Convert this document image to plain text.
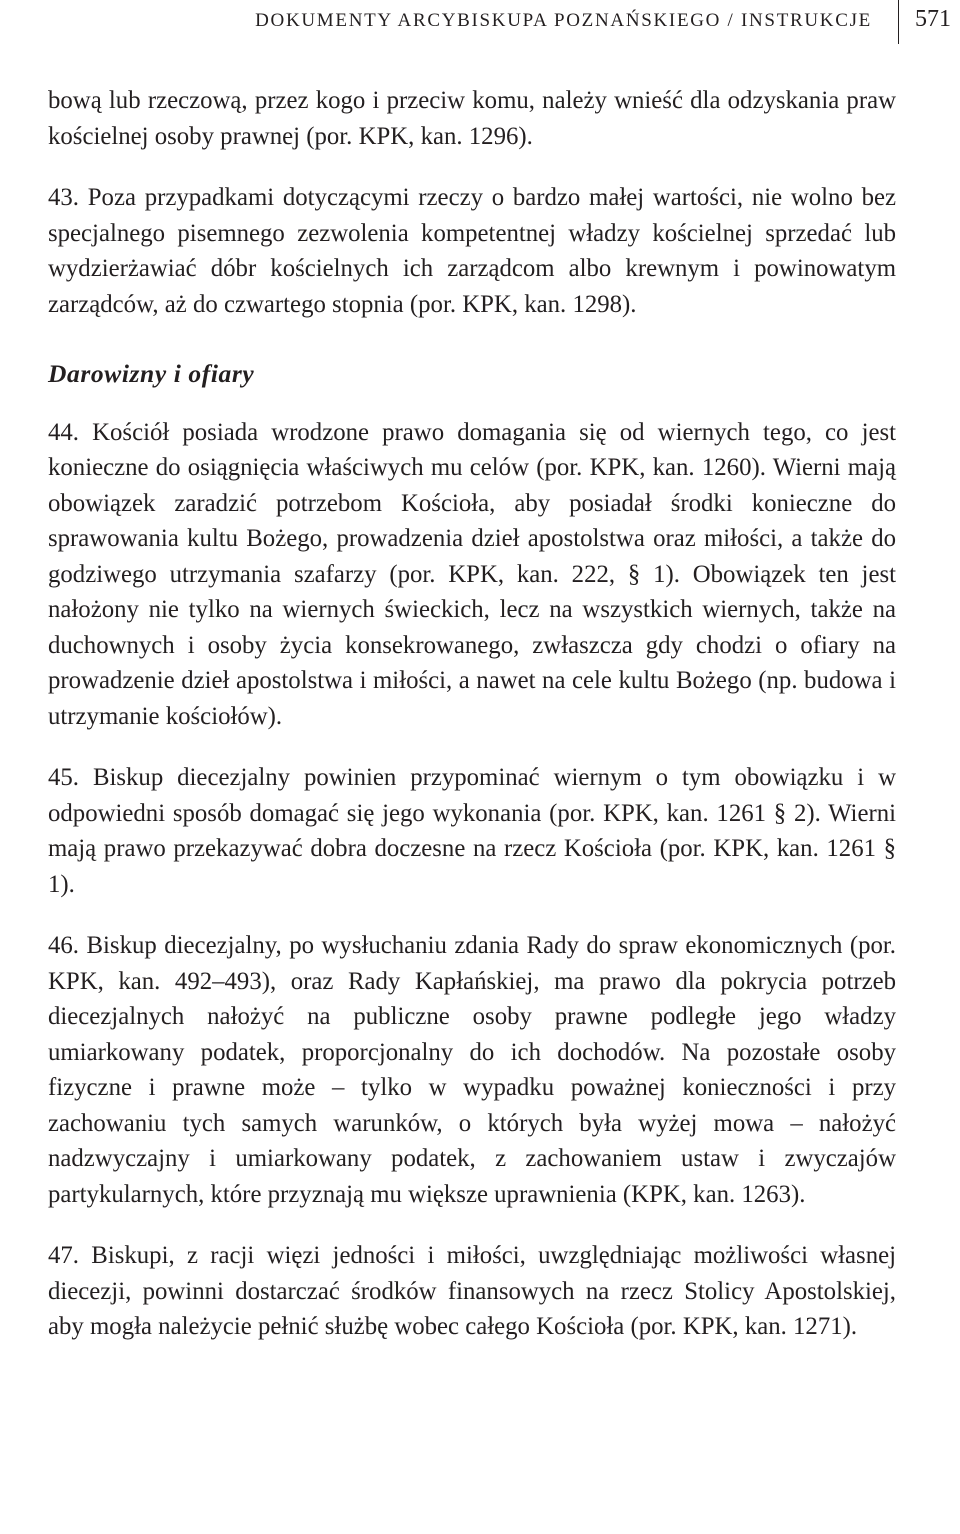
DOKUMENTY ARCYBISKUPA POZNAŃSKIEGO / INSTRUKCJE 571

bową lub rzeczową, przez kogo i przeciw komu, należy wnieść dla odzyskania praw kościelnej osoby prawnej (por. KPK, kan. 1296).

43. Poza przypadkami dotyczącymi rzeczy o bardzo małej wartości, nie wolno bez specjalnego pisemnego zezwolenia kompetentnej władzy kościelnej sprzedać lub wydzierżawiać dóbr kościelnych ich zarządcom albo krewnym i powinowatym zarządców, aż do czwartego stopnia (por. KPK, kan. 1298).

Darowizny i ofiary

44. Kościół posiada wrodzone prawo domagania się od wiernych tego, co jest konieczne do osiągnięcia właściwych mu celów (por. KPK, kan. 1260). Wierni mają obowiązek zaradzić potrzebom Kościoła, aby posiadał środki konieczne do sprawowania kultu Bożego, prowadzenia dzieł apostolstwa oraz miłości, a także do godziwego utrzymania szafarzy (por. KPK, kan. 222, § 1). Obowiązek ten jest nałożony nie tylko na wiernych świeckich, lecz na wszystkich wiernych, także na duchownych i osoby życia konsekrowanego, zwłaszcza gdy chodzi o ofiary na prowadzenie dzieł apostolstwa i miłości, a nawet na cele kultu Bożego (np. budowa i utrzymanie kościołów).

45. Biskup diecezjalny powinien przypominać wiernym o tym obowiązku i w odpowiedni sposób domagać się jego wykonania (por. KPK, kan. 1261 § 2). Wierni mają prawo przekazywać dobra doczesne na rzecz Kościoła (por. KPK, kan. 1261 § 1).

46. Biskup diecezjalny, po wysłuchaniu zdania Rady do spraw ekonomicznych (por. KPK, kan. 492–493), oraz Rady Kapłańskiej, ma prawo dla pokrycia potrzeb diecezjalnych nałożyć na publiczne osoby prawne podległe jego władzy umiarkowany podatek, proporcjonalny do ich dochodów. Na pozostałe osoby fizyczne i prawne może – tylko w wypadku poważnej konieczności i przy zachowaniu tych samych warunków, o których była wyżej mowa – nałożyć nadzwyczajny i umiarkowany podatek, z zachowaniem ustaw i zwyczajów partykularnych, które przyznają mu większe uprawnienia (KPK, kan. 1263).

47. Biskupi, z racji więzi jedności i miłości, uwzględniając możliwości własnej diecezji, powinni dostarczać środków finansowych na rzecz Stolicy Apostolskiej, aby mogła należycie pełnić służbę wobec całego Kościoła (por. KPK, kan. 1271).
